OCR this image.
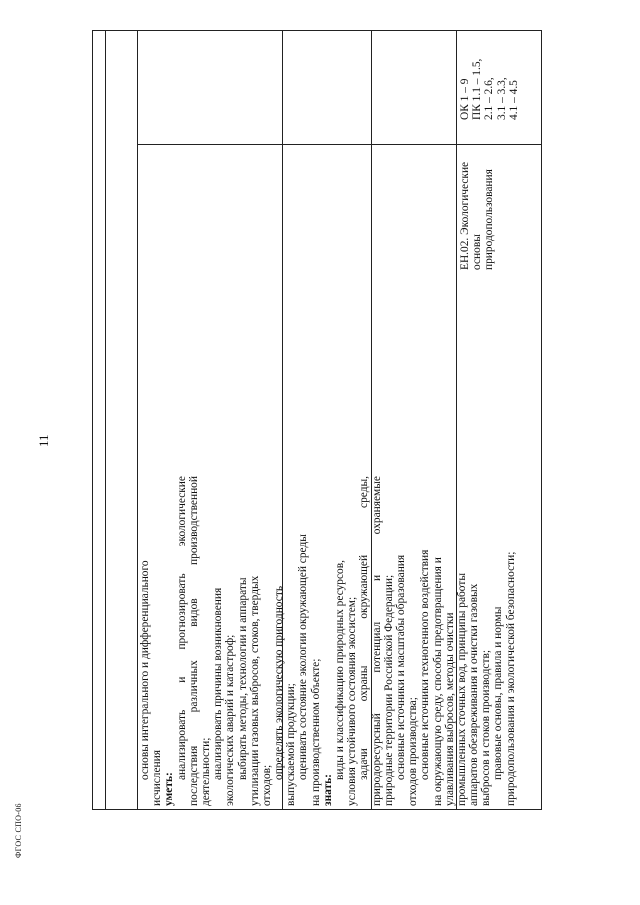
11
основы интегрального и дифференциального исчисления уметь:
анализировать
и
прогнозировать
экологические
последствия
различных
видов
производственной
деятельности; анализировать причины возникновения экологических аварий и катастроф; выбирать методы, технологии и аппараты утилизации газовых выбросов, стоков, твердых отходов;
определять экологическую пригодность выпускаемой продукции; оценивать состояние экологии окружающей среды на производственном объекте; знать:
виды и классификацию природных ресурсов, условия устойчивого состояния экосистем; задачи
охраны
окружающей
среды,
природоресурсный
потенциал
и
охраняемые
природные территории Российской Федерации; основные источники и масштабы образования отходов производства; основные источники техногенного воздействия на окружающую среду, способы предотвращения и улавливания выбросов, методы очистки промышленных сточных вод, принципы работы аппаратов обезвреживания и очистки газовых выбросов и стоков производств; правовые основы, правила и нормы природопользования и экологической безопасности;
ЕН.02. Экологические основы природопользования
ОК 1 – 9 ПК 1.1 – 1.5, 2.1 – 2.6, 3.1 – 3.3, 4.1 – 4.5
ФГОС СПО-06
